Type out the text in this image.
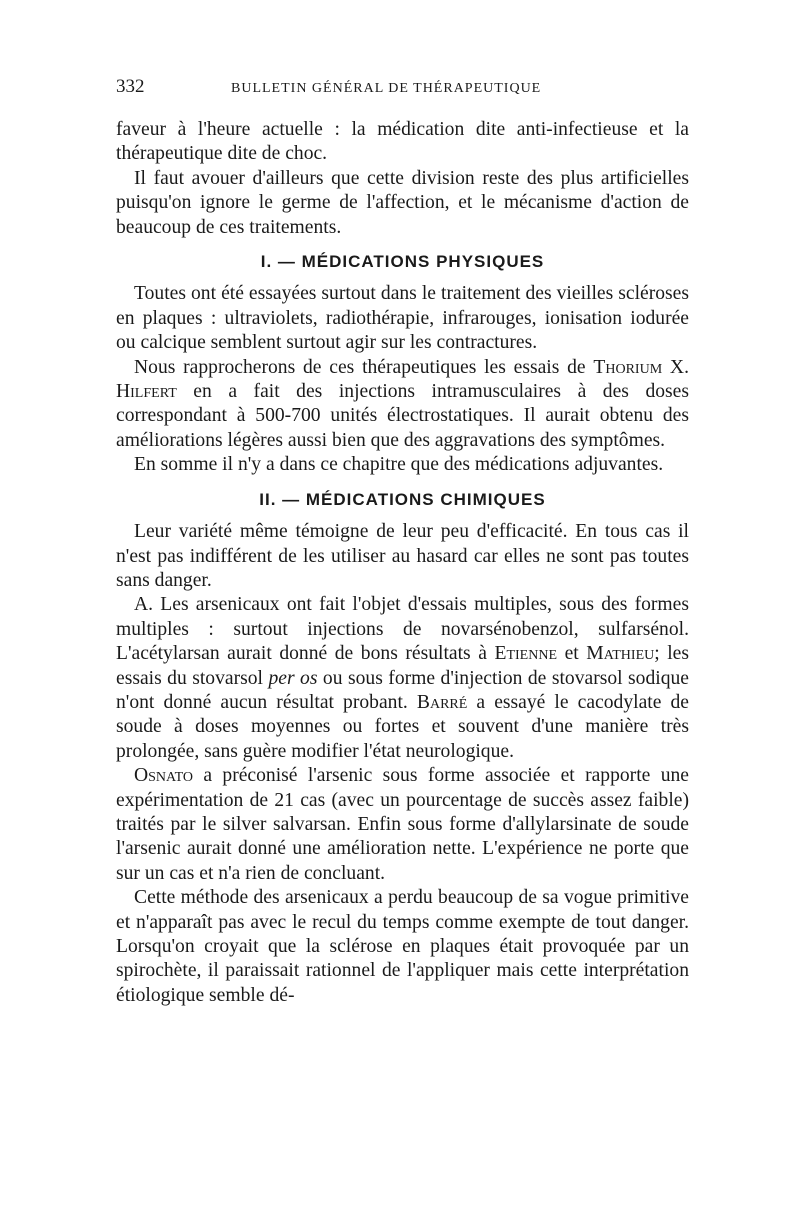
332	BULLETIN GÉNÉRAL DE THÉRAPEUTIQUE

faveur à l'heure actuelle : la médication dite anti-infectieuse et la thérapeutique dite de choc.

Il faut avouer d'ailleurs que cette division reste des plus artificielles puisqu'on ignore le germe de l'affection, et le mécanisme d'action de beaucoup de ces traitements.

I. — MÉDICATIONS PHYSIQUES

Toutes ont été essayées surtout dans le traitement des vieilles scléroses en plaques : ultraviolets, radiothérapie, infrarouges, ionisation iodurée ou calcique semblent surtout agir sur les contractures.

Nous rapprocherons de ces thérapeutiques les essais de Thorium X. Hilfert en a fait des injections intramusculaires à des doses correspondant à 500-700 unités électrostatiques. Il aurait obtenu des améliorations légères aussi bien que des aggravations des symptômes.

En somme il n'y a dans ce chapitre que des médications adjuvantes.

II. — MÉDICATIONS CHIMIQUES

Leur variété même témoigne de leur peu d'efficacité. En tous cas il n'est pas indifférent de les utiliser au hasard car elles ne sont pas toutes sans danger.

A. Les arsenicaux ont fait l'objet d'essais multiples, sous des formes multiples : surtout injections de novarsénobenzol, sulfarsénol. L'acétylarsan aurait donné de bons résultats à Etienne et Mathieu; les essais du stovarsol per os ou sous forme d'injection de stovarsol sodique n'ont donné aucun résultat probant. Barré a essayé le cacodylate de soude à doses moyennes ou fortes et souvent d'une manière très prolongée, sans guère modifier l'état neurologique.

Osnato a préconisé l'arsenic sous forme associée et rapporte une expérimentation de 21 cas (avec un pourcentage de succès assez faible) traités par le silver salvarsan. Enfin sous forme d'allylarsinate de soude l'arsenic aurait donné une amélioration nette. L'expérience ne porte que sur un cas et n'a rien de concluant.

Cette méthode des arsenicaux a perdu beaucoup de sa vogue primitive et n'apparaît pas avec le recul du temps comme exempte de tout danger. Lorsqu'on croyait que la sclérose en plaques était provoquée par un spirochète, il paraissait rationnel de l'appliquer mais cette interprétation étiologique semble dé-
